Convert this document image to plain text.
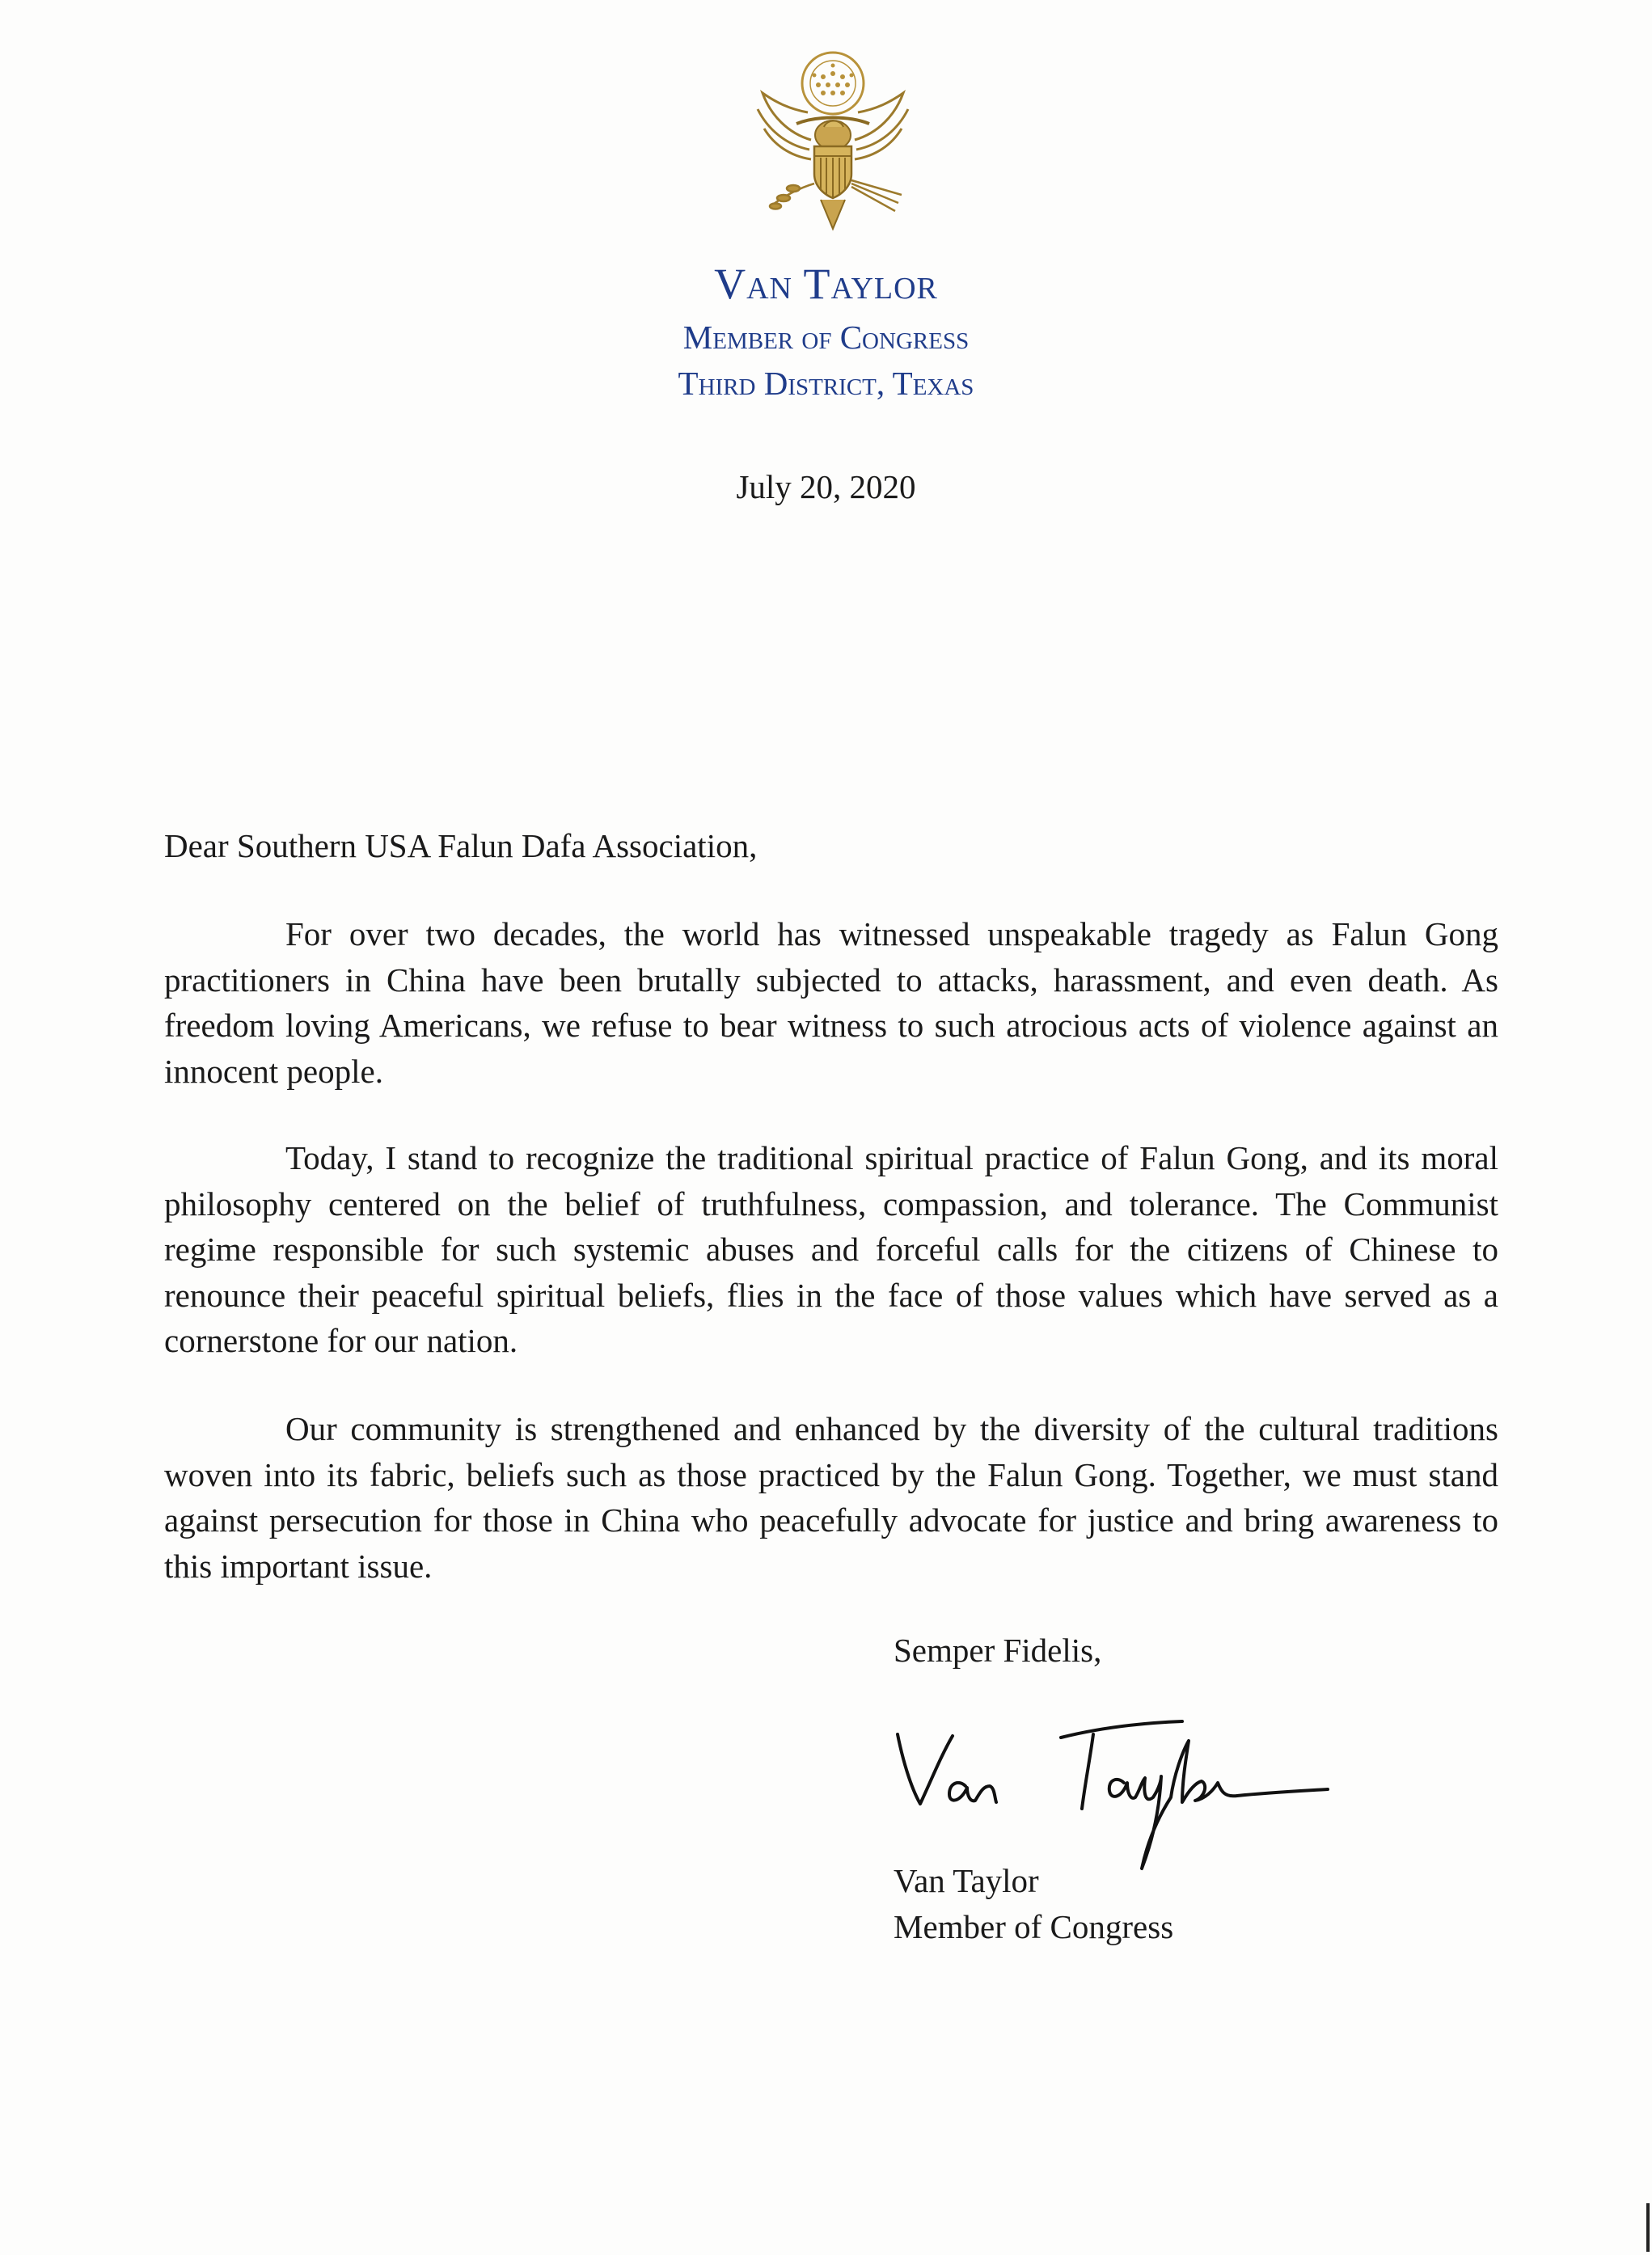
Van Taylor
Member of Congress
Third District, Texas
July 20, 2020
Dear Southern USA Falun Dafa Association,

For over two decades, the world has witnessed unspeakable tragedy as Falun Gong practitioners in China have been brutally subjected to attacks, harassment, and even death. As freedom loving Americans, we refuse to bear witness to such atrocious acts of violence against an innocent people.

Today, I stand to recognize the traditional spiritual practice of Falun Gong, and its moral philosophy centered on the belief of truthfulness, compassion, and tolerance. The Communist regime responsible for such systemic abuses and forceful calls for the citizens of Chinese to renounce their peaceful spiritual beliefs, flies in the face of those values which have served as a cornerstone for our nation.

Our community is strengthened and enhanced by the diversity of the cultural traditions woven into its fabric, beliefs such as those practiced by the Falun Gong. Together, we must stand against persecution for those in China who peacefully advocate for justice and bring awareness to this important issue.

Semper Fidelis,
Van Taylor
Member of Congress
